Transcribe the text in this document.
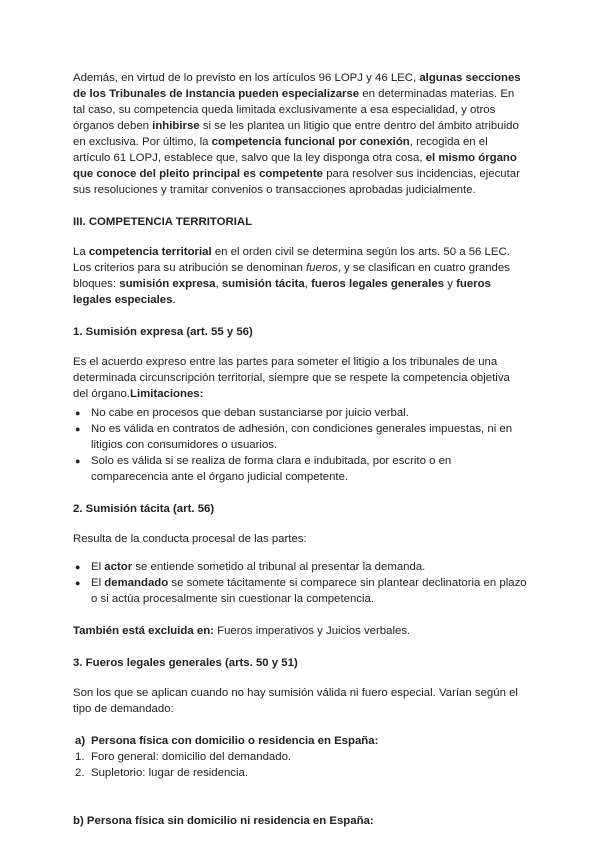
Además, en virtud de lo previsto en los artículos 96 LOPJ y 46 LEC, algunas secciones de los Tribunales de Instancia pueden especializarse en determinadas materias. En tal caso, su competencia queda limitada exclusivamente a esa especialidad, y otros órganos deben inhibirse si se les plantea un litigio que entre dentro del ámbito atribuido en exclusiva. Por último, la competencia funcional por conexión, recogida en el artículo 61 LOPJ, establece que, salvo que la ley disponga otra cosa, el mismo órgano que conoce del pleito principal es competente para resolver sus incidencias, ejecutar sus resoluciones y tramitar convenios o transacciones aprobadas judicialmente.

III. COMPETENCIA TERRITORIAL

La competencia territorial en el orden civil se determina según los arts. 50 a 56 LEC. Los criterios para su atribución se denominan fueros, y se clasifican en cuatro grandes bloques: sumisión expresa, sumisión tácita, fueros legales generales y fueros legales especiales.

1. Sumisión expresa (art. 55 y 56)

Es el acuerdo expreso entre las partes para someter el litigio a los tribunales de una determinada circunscripción territorial, siempre que se respete la competencia objetiva del órgano.Limitaciones:

● No cabe en procesos que deban sustanciarse por juicio verbal.
● No es válida en contratos de adhesión, con condiciones generales impuestas, ni en litigios con consumidores o usuarios.
● Solo es válida si se realiza de forma clara e indubitada, por escrito o en comparecencia ante el órgano judicial competente.
2. Sumisión tácita (art. 56)

Resulta de la conducta procesal de las partes:

● El actor se entiende sometido al tribunal al presentar la demanda.
● El demandado se somete tácitamente si comparece sin plantear declinatoria en plazo o si actúa procesalmente sin cuestionar la competencia.

También está excluida en: Fueros imperativos y Juicios verbales.

3. Fueros legales generales (arts. 50 y 51)

Son los que se aplican cuando no hay sumisión válida ni fuero especial. Varían según el tipo de demandado:

a) Persona física con domicilio o residencia en España:
1. Foro general: domicilio del demandado.
2. Supletorio: lugar de residencia.
b) Persona física sin domicilio ni residencia en España:
